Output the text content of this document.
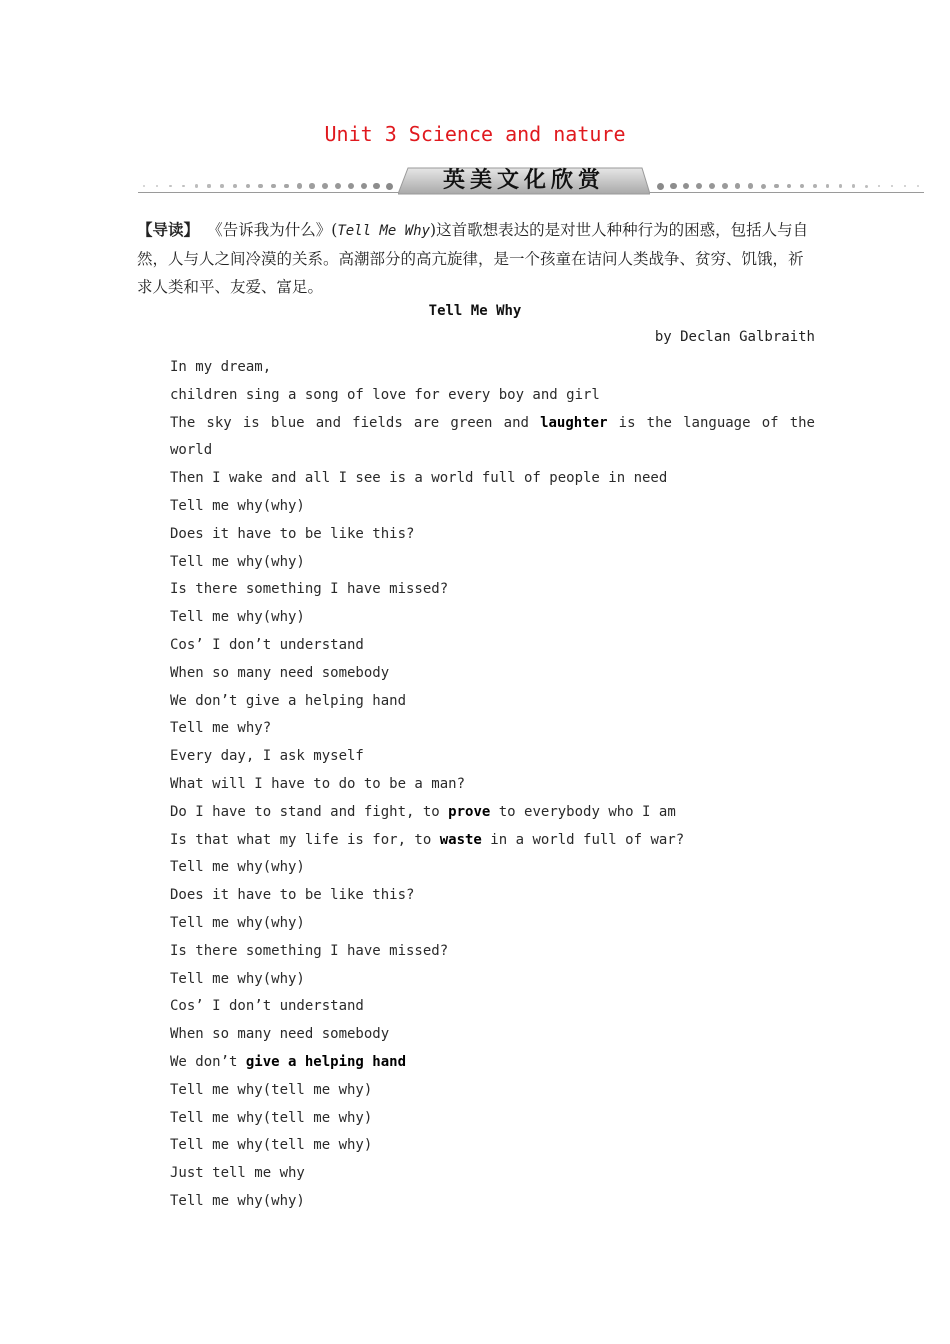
Unit 3 Science and nature
英美文化欣赏
【导读】 《告诉我为什么》(Tell Me Why)这首歌想表达的是对世人种种行为的困惑，包括人与自然，人与人之间冷漠的关系。高潮部分的高亢旋律，是一个孩童在诘问人类战争、贫穷、饥饿，祈求人类和平、友爱、富足。
Tell Me Why
by Declan Galbraith
In my dream,
children sing a song of love for every boy and girl
The sky is blue and fields are green and laughter is the language of the world
Then I wake and all I see is a world full of people in need
Tell me why(why)
Does it have to be like this?
Tell me why(why)
Is there something I have missed?
Tell me why(why)
Cos’ I don’t understand
When so many need somebody
We don’t give a helping hand
Tell me why?
Every day, I ask myself
What will I have to do to be a man?
Do I have to stand and fight, to prove to everybody who I am
Is that what my life is for, to waste in a world full of war?
Tell me why(why)
Does it have to be like this?
Tell me why(why)
Is there something I have missed?
Tell me why(why)
Cos’ I don’t understand
When so many need somebody
We don’t give a helping hand
Tell me why(tell me why)
Tell me why(tell me why)
Tell me why(tell me why)
Just tell me why
Tell me why(why)
